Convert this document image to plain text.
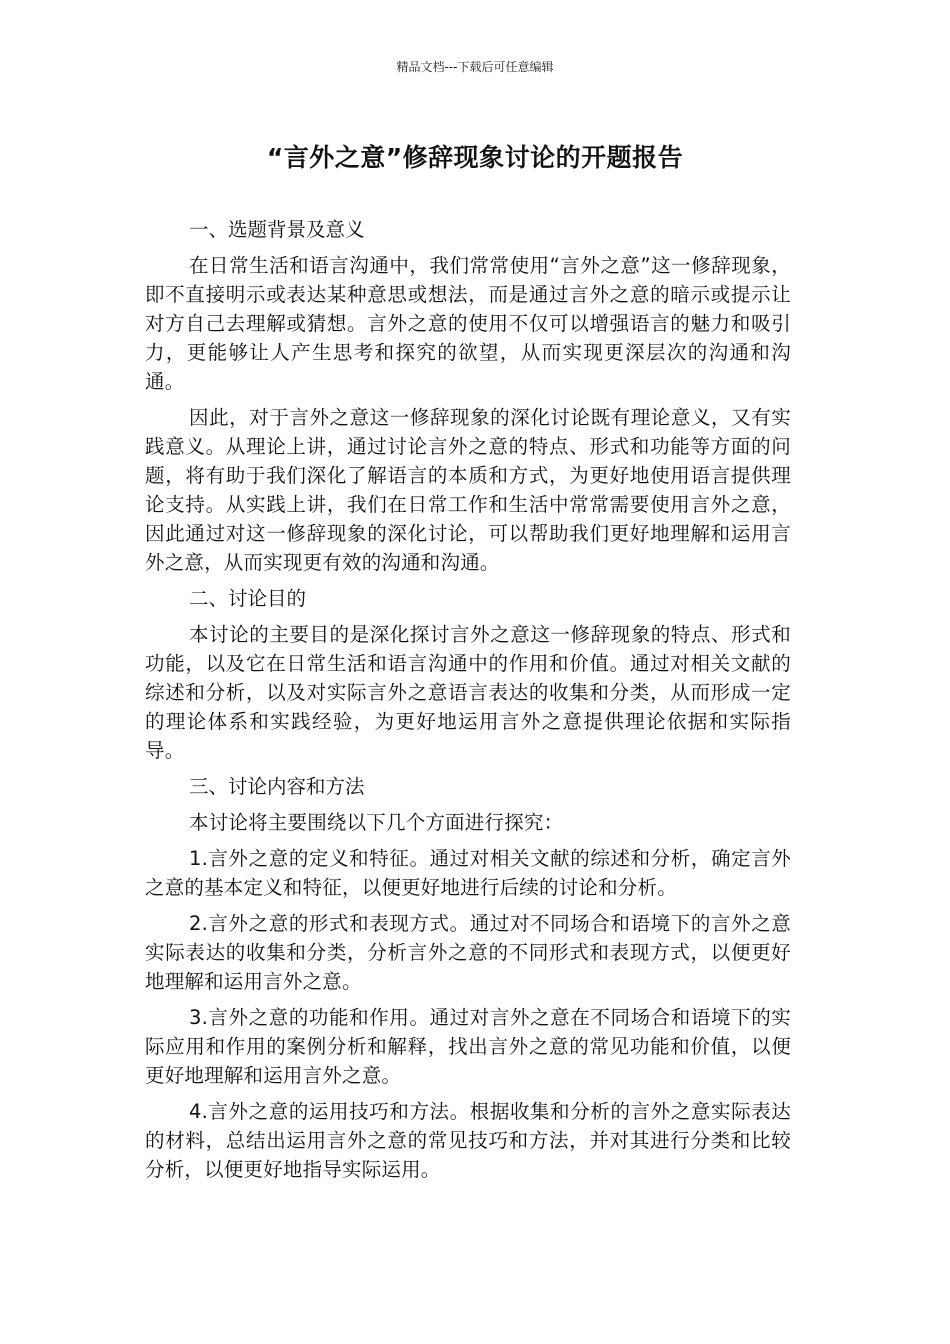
精品文档---下载后可任意编辑
“言外之意”修辞现象讨论的开题报告

一、选题背景及意义

在日常生活和语言沟通中，我们常常使用“言外之意”这一修辞现象，即不直接明示或表达某种意思或想法，而是通过言外之意的暗示或提示让对方自己去理解或猜想。言外之意的使用不仅可以增强语言的魅力和吸引力，更能够让人产生思考和探究的欲望，从而实现更深层次的沟通和沟通。

因此，对于言外之意这一修辞现象的深化讨论既有理论意义，又有实践意义。从理论上讲，通过讨论言外之意的特点、形式和功能等方面的问题，将有助于我们深化了解语言的本质和方式，为更好地使用语言提供理论支持。从实践上讲，我们在日常工作和生活中常常需要使用言外之意，因此通过对这一修辞现象的深化讨论，可以帮助我们更好地理解和运用言外之意，从而实现更有效的沟通和沟通。

二、讨论目的

本讨论的主要目的是深化探讨言外之意这一修辞现象的特点、形式和功能，以及它在日常生活和语言沟通中的作用和价值。通过对相关文献的综述和分析，以及对实际言外之意语言表达的收集和分类，从而形成一定的理论体系和实践经验，为更好地运用言外之意提供理论依据和实际指导。

三、讨论内容和方法

本讨论将主要围绕以下几个方面进行探究：

1.言外之意的定义和特征。通过对相关文献的综述和分析，确定言外之意的基本定义和特征，以便更好地进行后续的讨论和分析。

2.言外之意的形式和表现方式。通过对不同场合和语境下的言外之意实际表达的收集和分类，分析言外之意的不同形式和表现方式，以便更好地理解和运用言外之意。

3.言外之意的功能和作用。通过对言外之意在不同场合和语境下的实际应用和作用的案例分析和解释，找出言外之意的常见功能和价值，以便更好地理解和运用言外之意。

4.言外之意的运用技巧和方法。根据收集和分析的言外之意实际表达的材料，总结出运用言外之意的常见技巧和方法，并对其进行分类和比较分析，以便更好地指导实际运用。
